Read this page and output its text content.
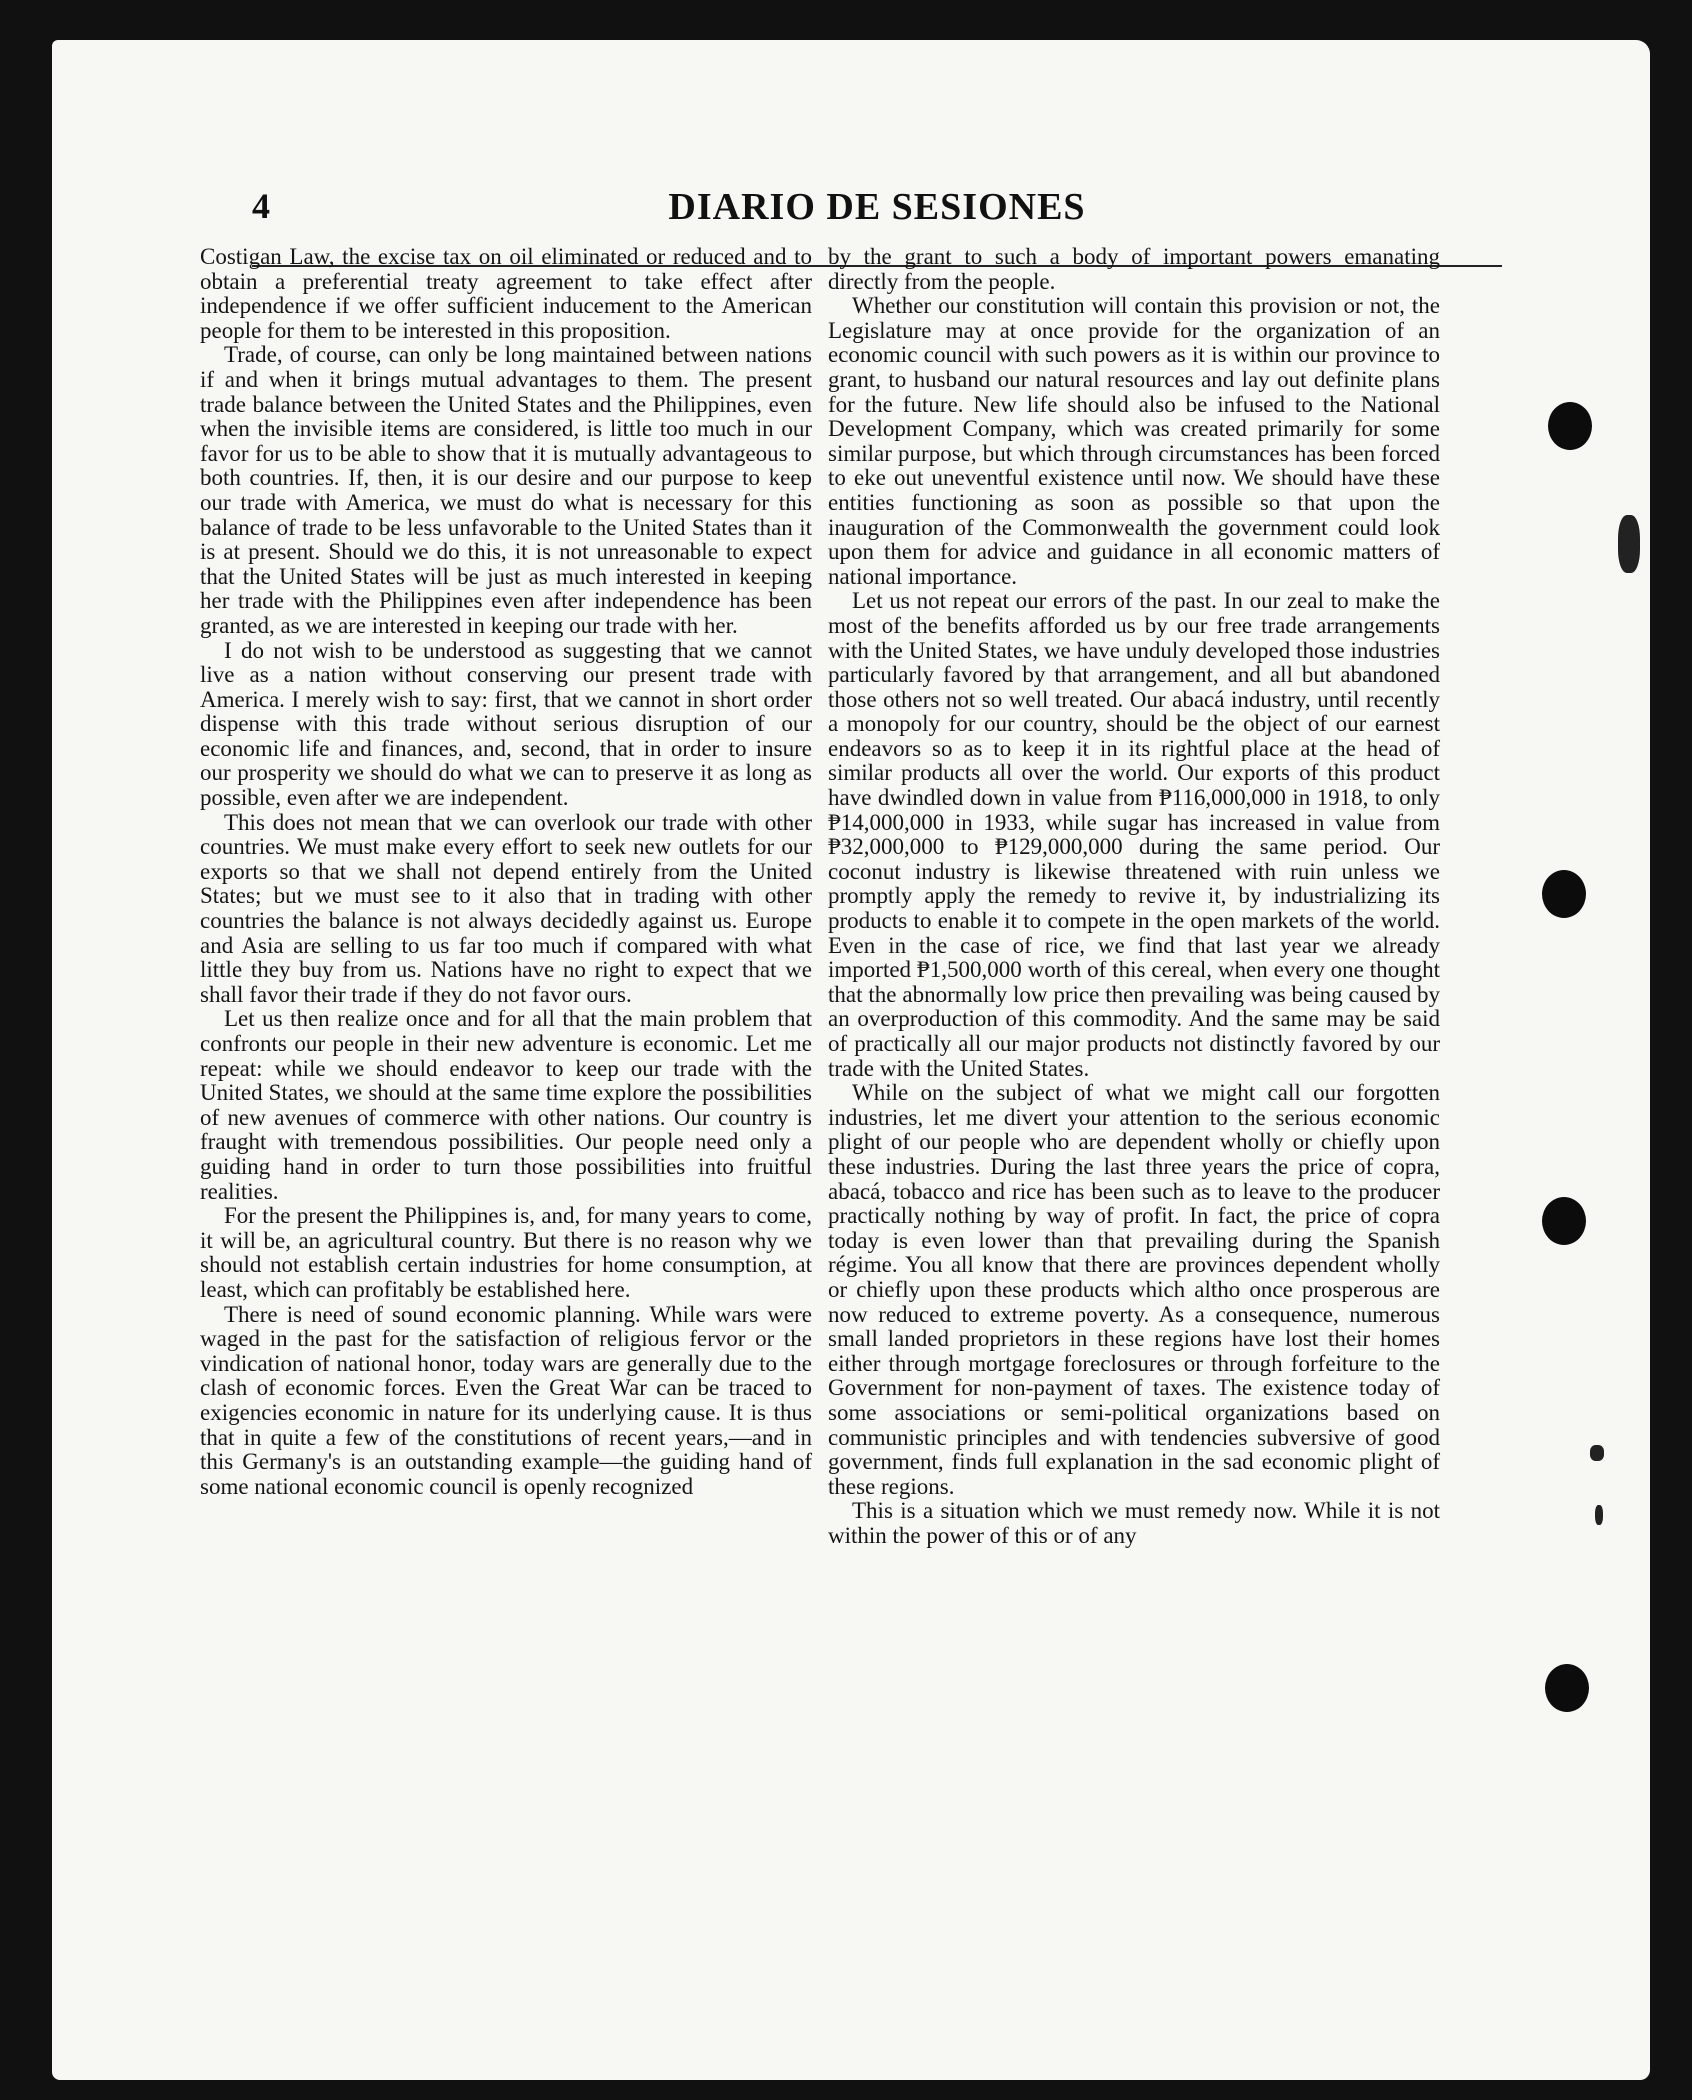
4	DIARIO DE SESIONES

Costigan Law, the excise tax on oil eliminated or reduced and to obtain a preferential treaty agreement to take effect after independence if we offer sufficient inducement to the American people for them to be interested in this proposition.

Trade, of course, can only be long maintained between nations if and when it brings mutual advantages to them. The present trade balance between the United States and the Philippines, even when the invisible items are considered, is little too much in our favor for us to be able to show that it is mutually advantageous to both countries. If, then, it is our desire and our purpose to keep our trade with America, we must do what is necessary for this balance of trade to be less unfavorable to the United States than it is at present. Should we do this, it is not unreasonable to expect that the United States will be just as much interested in keeping her trade with the Philippines even after independence has been granted, as we are interested in keeping our trade with her.

I do not wish to be understood as suggesting that we cannot live as a nation without conserving our present trade with America. I merely wish to say: first, that we cannot in short order dispense with this trade without serious disruption of our economic life and finances, and, second, that in order to insure our prosperity we should do what we can to preserve it as long as possible, even after we are independent.

This does not mean that we can overlook our trade with other countries. We must make every effort to seek new outlets for our exports so that we shall not depend entirely from the United States; but we must see to it also that in trading with other countries the balance is not always decidedly against us. Europe and Asia are selling to us far too much if compared with what little they buy from us. Nations have no right to expect that we shall favor their trade if they do not favor ours.

Let us then realize once and for all that the main problem that confronts our people in their new adventure is economic. Let me repeat: while we should endeavor to keep our trade with the United States, we should at the same time explore the possibilities of new avenues of commerce with other nations. Our country is fraught with tremendous possibilities. Our people need only a guiding hand in order to turn those possibilities into fruitful realities.

For the present the Philippines is, and, for many years to come, it will be, an agricultural country. But there is no reason why we should not establish certain industries for home consumption, at least, which can profitably be established here.

There is need of sound economic planning. While wars were waged in the past for the satisfaction of religious fervor or the vindication of national honor, today wars are generally due to the clash of economic forces. Even the Great War can be traced to exigencies economic in nature for its underlying cause. It is thus that in quite a few of the constitutions of recent years,—and in this Germany's is an outstanding example—the guiding hand of some national economic council is openly recognized

by the grant to such a body of important powers emanating directly from the people.

Whether our constitution will contain this provision or not, the Legislature may at once provide for the organization of an economic council with such powers as it is within our province to grant, to husband our natural resources and lay out definite plans for the future. New life should also be infused to the National Development Company, which was created primarily for some similar purpose, but which through circumstances has been forced to eke out uneventful existence until now. We should have these entities functioning as soon as possible so that upon the inauguration of the Commonwealth the government could look upon them for advice and guidance in all economic matters of national importance.

Let us not repeat our errors of the past. In our zeal to make the most of the benefits afforded us by our free trade arrangements with the United States, we have unduly developed those industries particularly favored by that arrangement, and all but abandoned those others not so well treated. Our abacá industry, until recently a monopoly for our country, should be the object of our earnest endeavors so as to keep it in its rightful place at the head of similar products all over the world. Our exports of this product have dwindled down in value from ₱116,000,000 in 1918, to only ₱14,000,000 in 1933, while sugar has increased in value from ₱32,000,000 to ₱129,000,000 during the same period. Our coconut industry is likewise threatened with ruin unless we promptly apply the remedy to revive it, by industrializing its products to enable it to compete in the open markets of the world. Even in the case of rice, we find that last year we already imported ₱1,500,000 worth of this cereal, when every one thought that the abnormally low price then prevailing was being caused by an overproduction of this commodity. And the same may be said of practically all our major products not distinctly favored by our trade with the United States.

While on the subject of what we might call our forgotten industries, let me divert your attention to the serious economic plight of our people who are dependent wholly or chiefly upon these industries. During the last three years the price of copra, abacá, tobacco and rice has been such as to leave to the producer practically nothing by way of profit. In fact, the price of copra today is even lower than that prevailing during the Spanish régime. You all know that there are provinces dependent wholly or chiefly upon these products which altho once prosperous are now reduced to extreme poverty. As a consequence, numerous small landed proprietors in these regions have lost their homes either through mortgage foreclosures or through forfeiture to the Government for non-payment of taxes. The existence today of some associations or semi-political organizations based on communistic principles and with tendencies subversive of good government, finds full explanation in the sad economic plight of these regions.

This is a situation which we must remedy now. While it is not within the power of this or of any
